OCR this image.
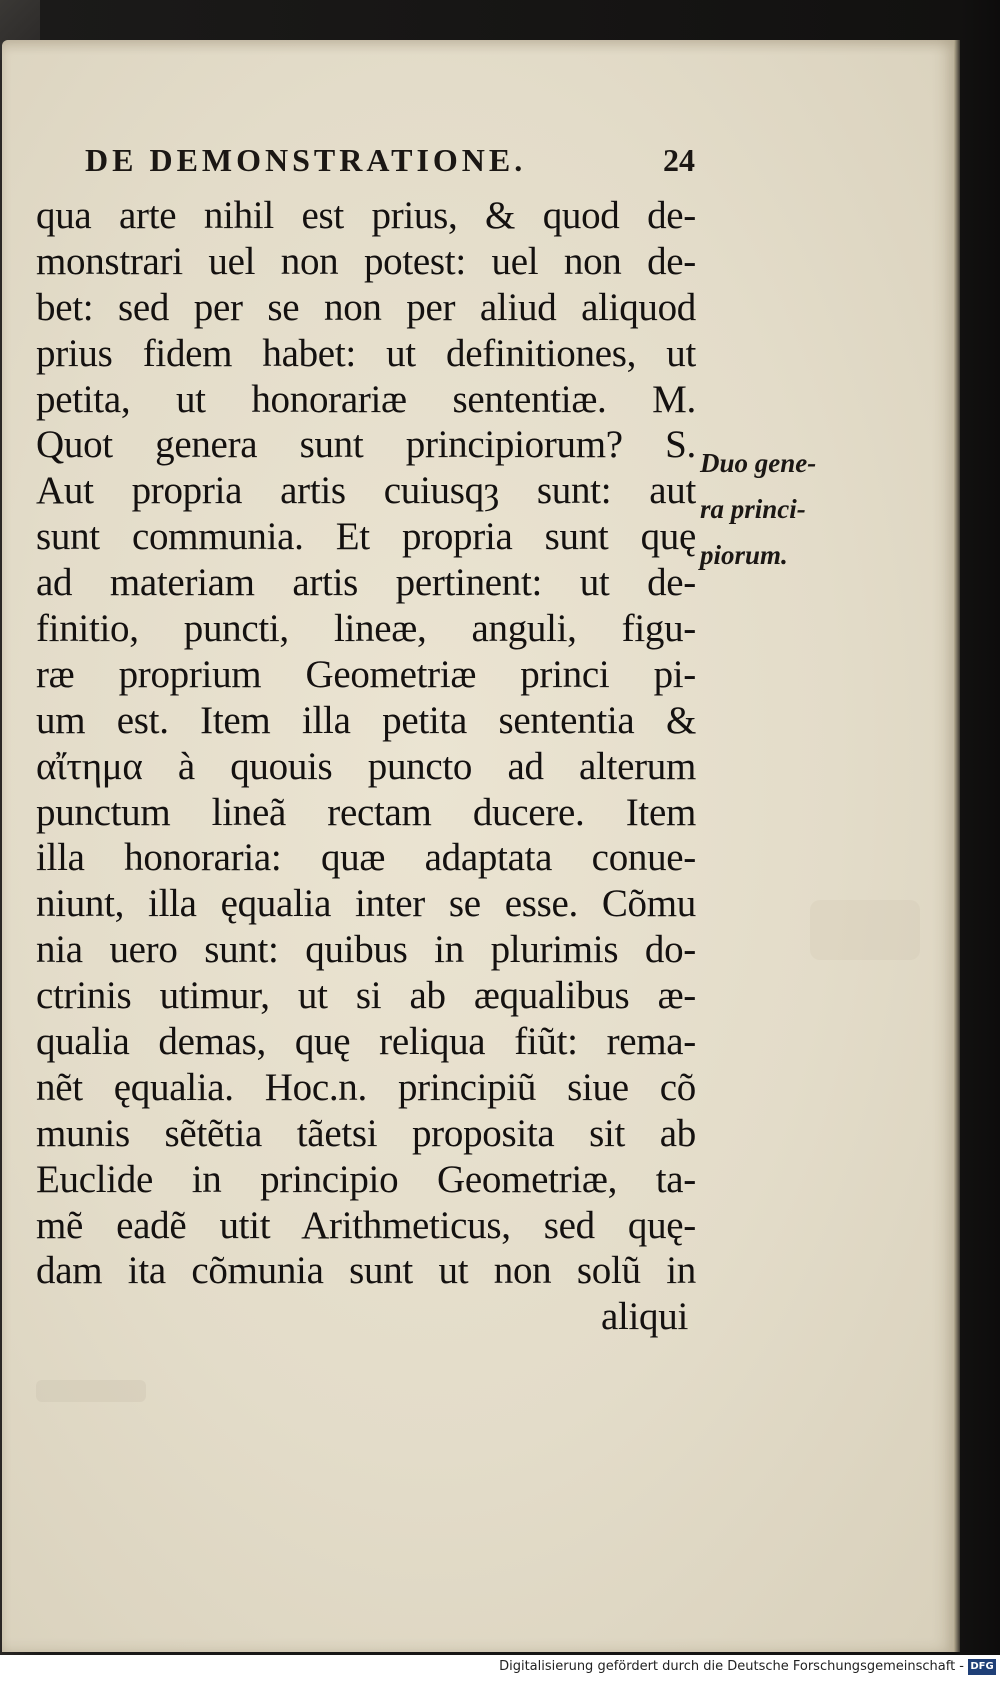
DE DEMONSTRATIONE.	24
qua arte nihil est prius, & quod de-
monstrari uel non potest: uel non de-
bet: sed per se non per aliud aliquod
prius fidem habet: ut definitiones, ut
petita, ut honorariæ sententiæ. M.
Quot genera sunt principiorum? S.
Aut propria artis cuiusqȝ sunt: aut
sunt communia. Et propria sunt quę
ad materiam artis pertinent: ut de-
finitio, puncti, lineæ, anguli, figu-
ræ proprium Geometriæ princi pi-
um est. Item illa petita sententia &
αἴτημα à quouis puncto ad alterum
punctum lineã rectam ducere. Item
illa honoraria: quæ adaptata conue-
niunt, illa ęqualia inter se esse. Cõmu
nia uero sunt: quibus in plurimis do-
ctrinis utimur, ut si ab æqualibus æ-
qualia demas, quę reliqua fiũt: rema-
nẽt ęqualia. Hoc.n. principiũ siue cõ
munis sẽtẽtia tãetsi proposita sit ab
Euclide in principio Geometriæ, ta-
mẽ eadẽ utit Arithmeticus, sed quę-
dam ita cõmunia sunt ut non solũ in
aliqui
Duo gene-
ra princi-
piorum.
Digitalisierung gefördert durch die Deutsche Forschungsgemeinschaft - DFG
